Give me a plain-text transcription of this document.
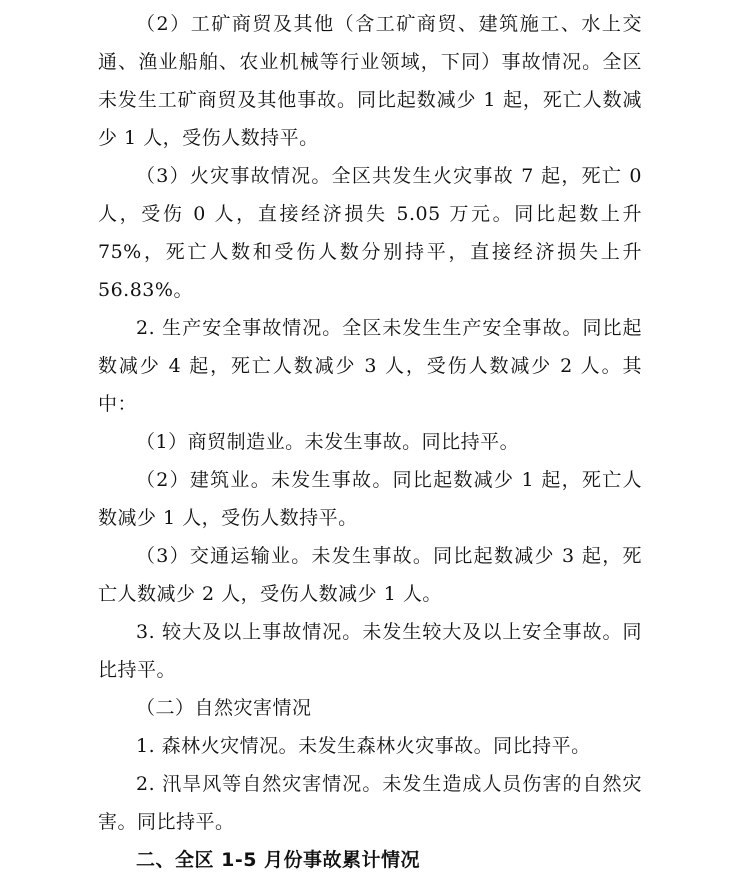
（2）工矿商贸及其他（含工矿商贸、建筑施工、水上交通、渔业船舶、农业机械等行业领域，下同）事故情况。全区未发生工矿商贸及其他事故。同比起数减少 1 起，死亡人数减少 1 人，受伤人数持平。

（3）火灾事故情况。全区共发生火灾事故 7 起，死亡 0 人，受伤 0 人，直接经济损失 5.05 万元。同比起数上升 75%，死亡人数和受伤人数分别持平，直接经济损失上升 56.83%。

2. 生产安全事故情况。全区未发生生产安全事故。同比起数减少 4 起，死亡人数减少 3 人，受伤人数减少 2 人。其中：

（1）商贸制造业。未发生事故。同比持平。

（2）建筑业。未发生事故。同比起数减少 1 起，死亡人数减少 1 人，受伤人数持平。

（3）交通运输业。未发生事故。同比起数减少 3 起，死亡人数减少 2 人，受伤人数减少 1 人。

3. 较大及以上事故情况。未发生较大及以上安全事故。同比持平。

（二）自然灾害情况

1. 森林火灾情况。未发生森林火灾事故。同比持平。

2. 汛旱风等自然灾害情况。未发生造成人员伤害的自然灾害。同比持平。

二、全区 1-5 月份事故累计情况
